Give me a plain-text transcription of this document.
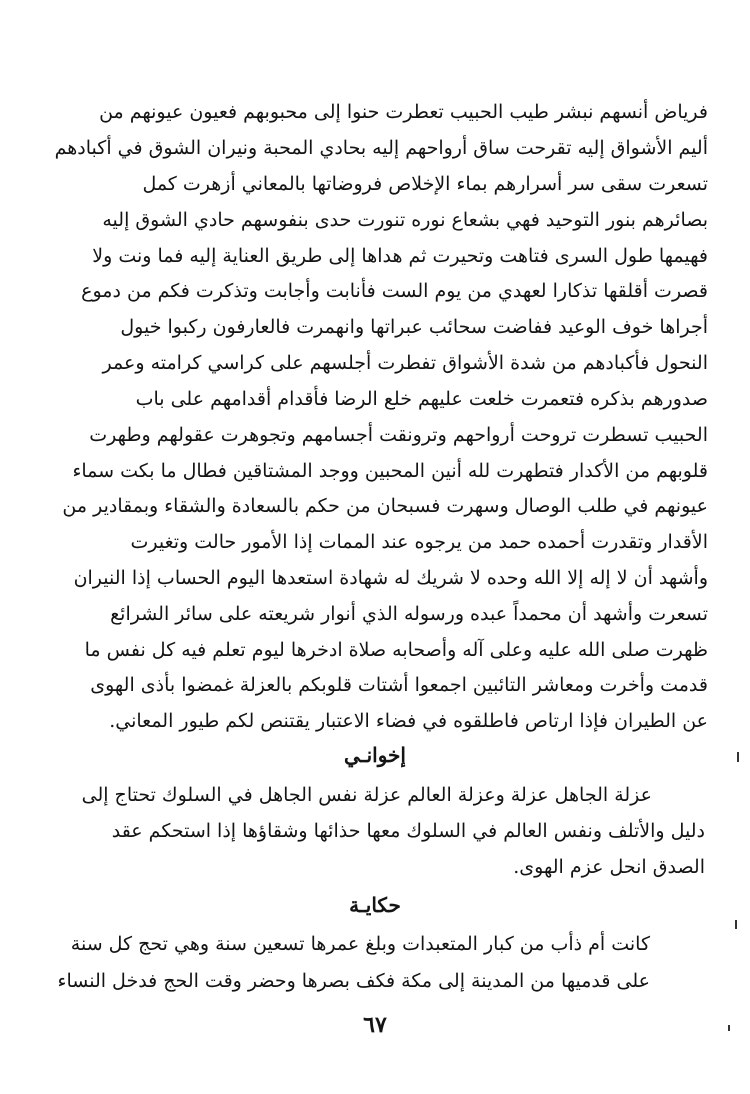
فرياض أنسهم نبشر طيب الحبيب تعطرت حنوا إلى محبوبهم فعيون عيونهم من
أليم الأشواق إليه تقرحت ساق أرواحهم إليه بحادي المحبة ونيران الشوق في أكبادهم
تسعرت سقى سر أسرارهم بماء الإخلاص فروضاتها بالمعاني أزهرت كمل
بصائرهم بنور التوحيد فهي بشعاع نوره تنورت حدى بنفوسهم حادي الشوق إليه
فهيمها طول السرى فتاهت وتحيرت ثم هداها إلى طريق العناية إليه فما ونت ولا
قصرت أقلقها تذكارا لعهدي من يوم الست فأنابت وأجابت وتذكرت فكم من دموع
أجراها خوف الوعيد ففاضت سحائب عبراتها وانهمرت فالعارفون ركبوا خيول
النحول فأكبادهم من شدة الأشواق تفطرت أجلسهم على كراسي كرامته وعمر
صدورهم بذكره فتعمرت خلعت عليهم خلع الرضا فأقدام أقدامهم على باب
الحبيب تسطرت تروحت أرواحهم وترونقت أجسامهم وتجوهرت عقولهم وطهرت
قلوبهم من الأكدار فتطهرت لله أنين المحبين ووجد المشتاقين فطال ما بكت سماء
عيونهم في طلب الوصال وسهرت فسبحان من حكم بالسعادة والشقاء وبمقادير من
الأقدار وتقدرت أحمده حمد من يرجوه عند الممات إذا الأمور حالت وتغيرت
وأشهد أن لا إله إلا الله وحده لا شريك له شهادة استعدها اليوم الحساب إذا النيران
تسعرت وأشهد أن محمداً عبده ورسوله الذي أنوار شريعته على سائر الشرائع
ظهرت صلى الله عليه وعلى آله وأصحابه صلاة ادخرها ليوم تعلم فيه كل نفس ما
قدمت وأخرت ومعاشر التائبين اجمعوا أشتات قلوبكم بالعزلة غمضوا بأذى الهوى
عن الطيران فإذا ارتاص فاطلقوه في فضاء الاعتبار يقتنص لكم طيور المعاني.
إخوانـي
عزلة الجاهل عزلة وعزلة العالم عزلة نفس الجاهل في السلوك تحتاج إلى
دليل والأتلف ونفس العالم في السلوك معها حذائها وشقاؤها إذا استحكم عقد
الصدق انحل عزم الهوى.
حكايـة
كانت أم ذأب من كبار المتعبدات وبلغ عمرها تسعين سنة وهي تحج كل سنة
على قدميها من المدينة إلى مكة فكف بصرها وحضر وقت الحج فدخل النساء
٦٧
